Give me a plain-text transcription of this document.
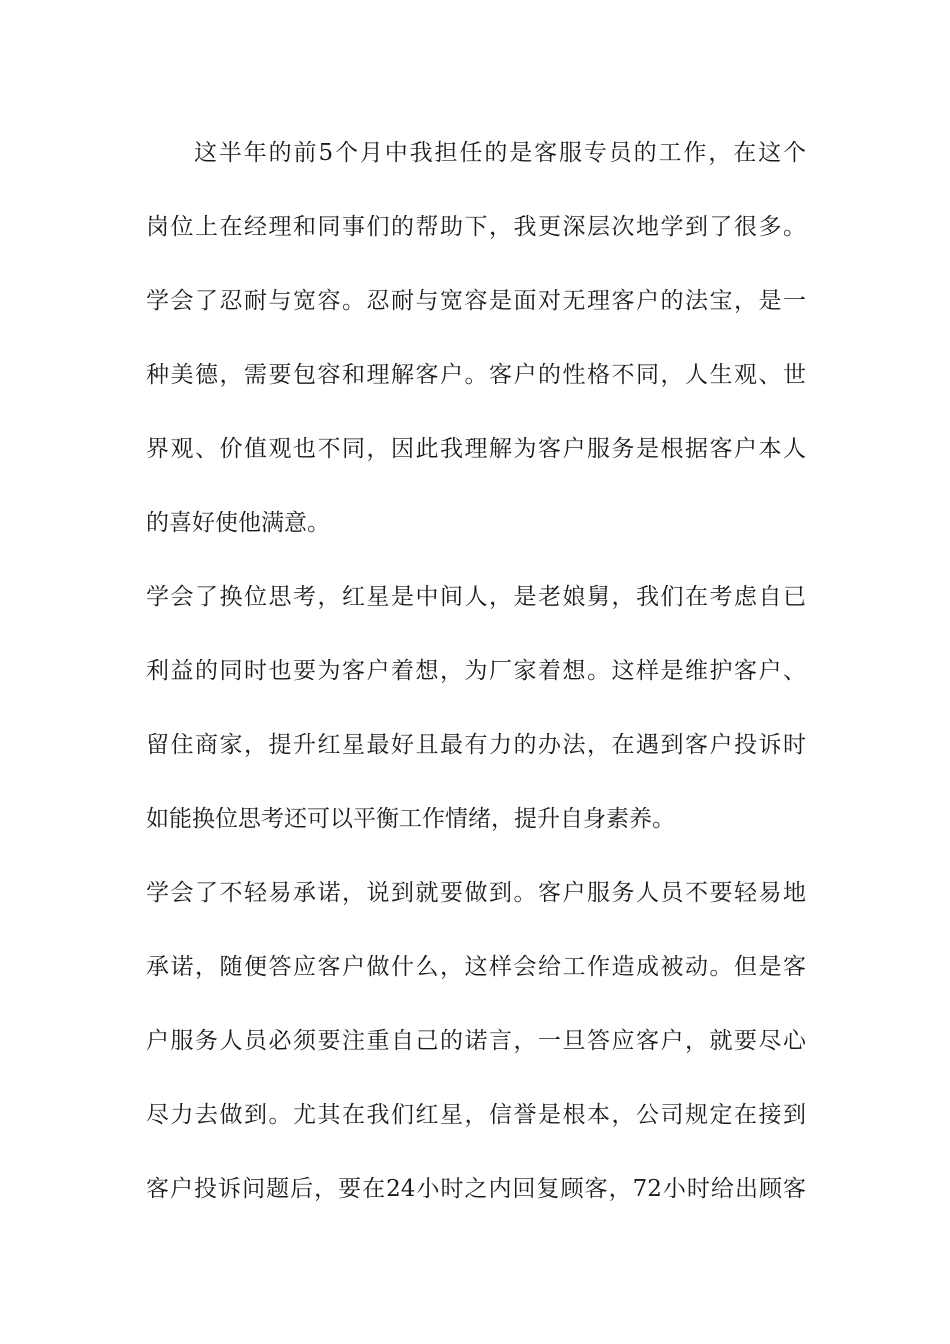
这半年的前5个月中我担任的是客服专员的工作，在这个
岗位上在经理和同事们的帮助下，我更深层次地学到了很多。
学会了忍耐与宽容。忍耐与宽容是面对无理客户的法宝，是一
种美德，需要包容和理解客户。客户的性格不同，人生观、世
界观、价值观也不同，因此我理解为客户服务是根据客户本人
的喜好使他满意。
学会了换位思考，红星是中间人，是老娘舅，我们在考虑自已
利益的同时也要为客户着想，为厂家着想。这样是维护客户、
留住商家，提升红星最好且最有力的办法，在遇到客户投诉时
如能换位思考还可以平衡工作情绪，提升自身素养。
学会了不轻易承诺，说到就要做到。客户服务人员不要轻易地
承诺，随便答应客户做什么，这样会给工作造成被动。但是客
户服务人员必须要注重自己的诺言，一旦答应客户，就要尽心
尽力去做到。尤其在我们红星，信誉是根本，公司规定在接到
客户投诉问题后，要在24小时之内回复顾客，72小时给出顾客
